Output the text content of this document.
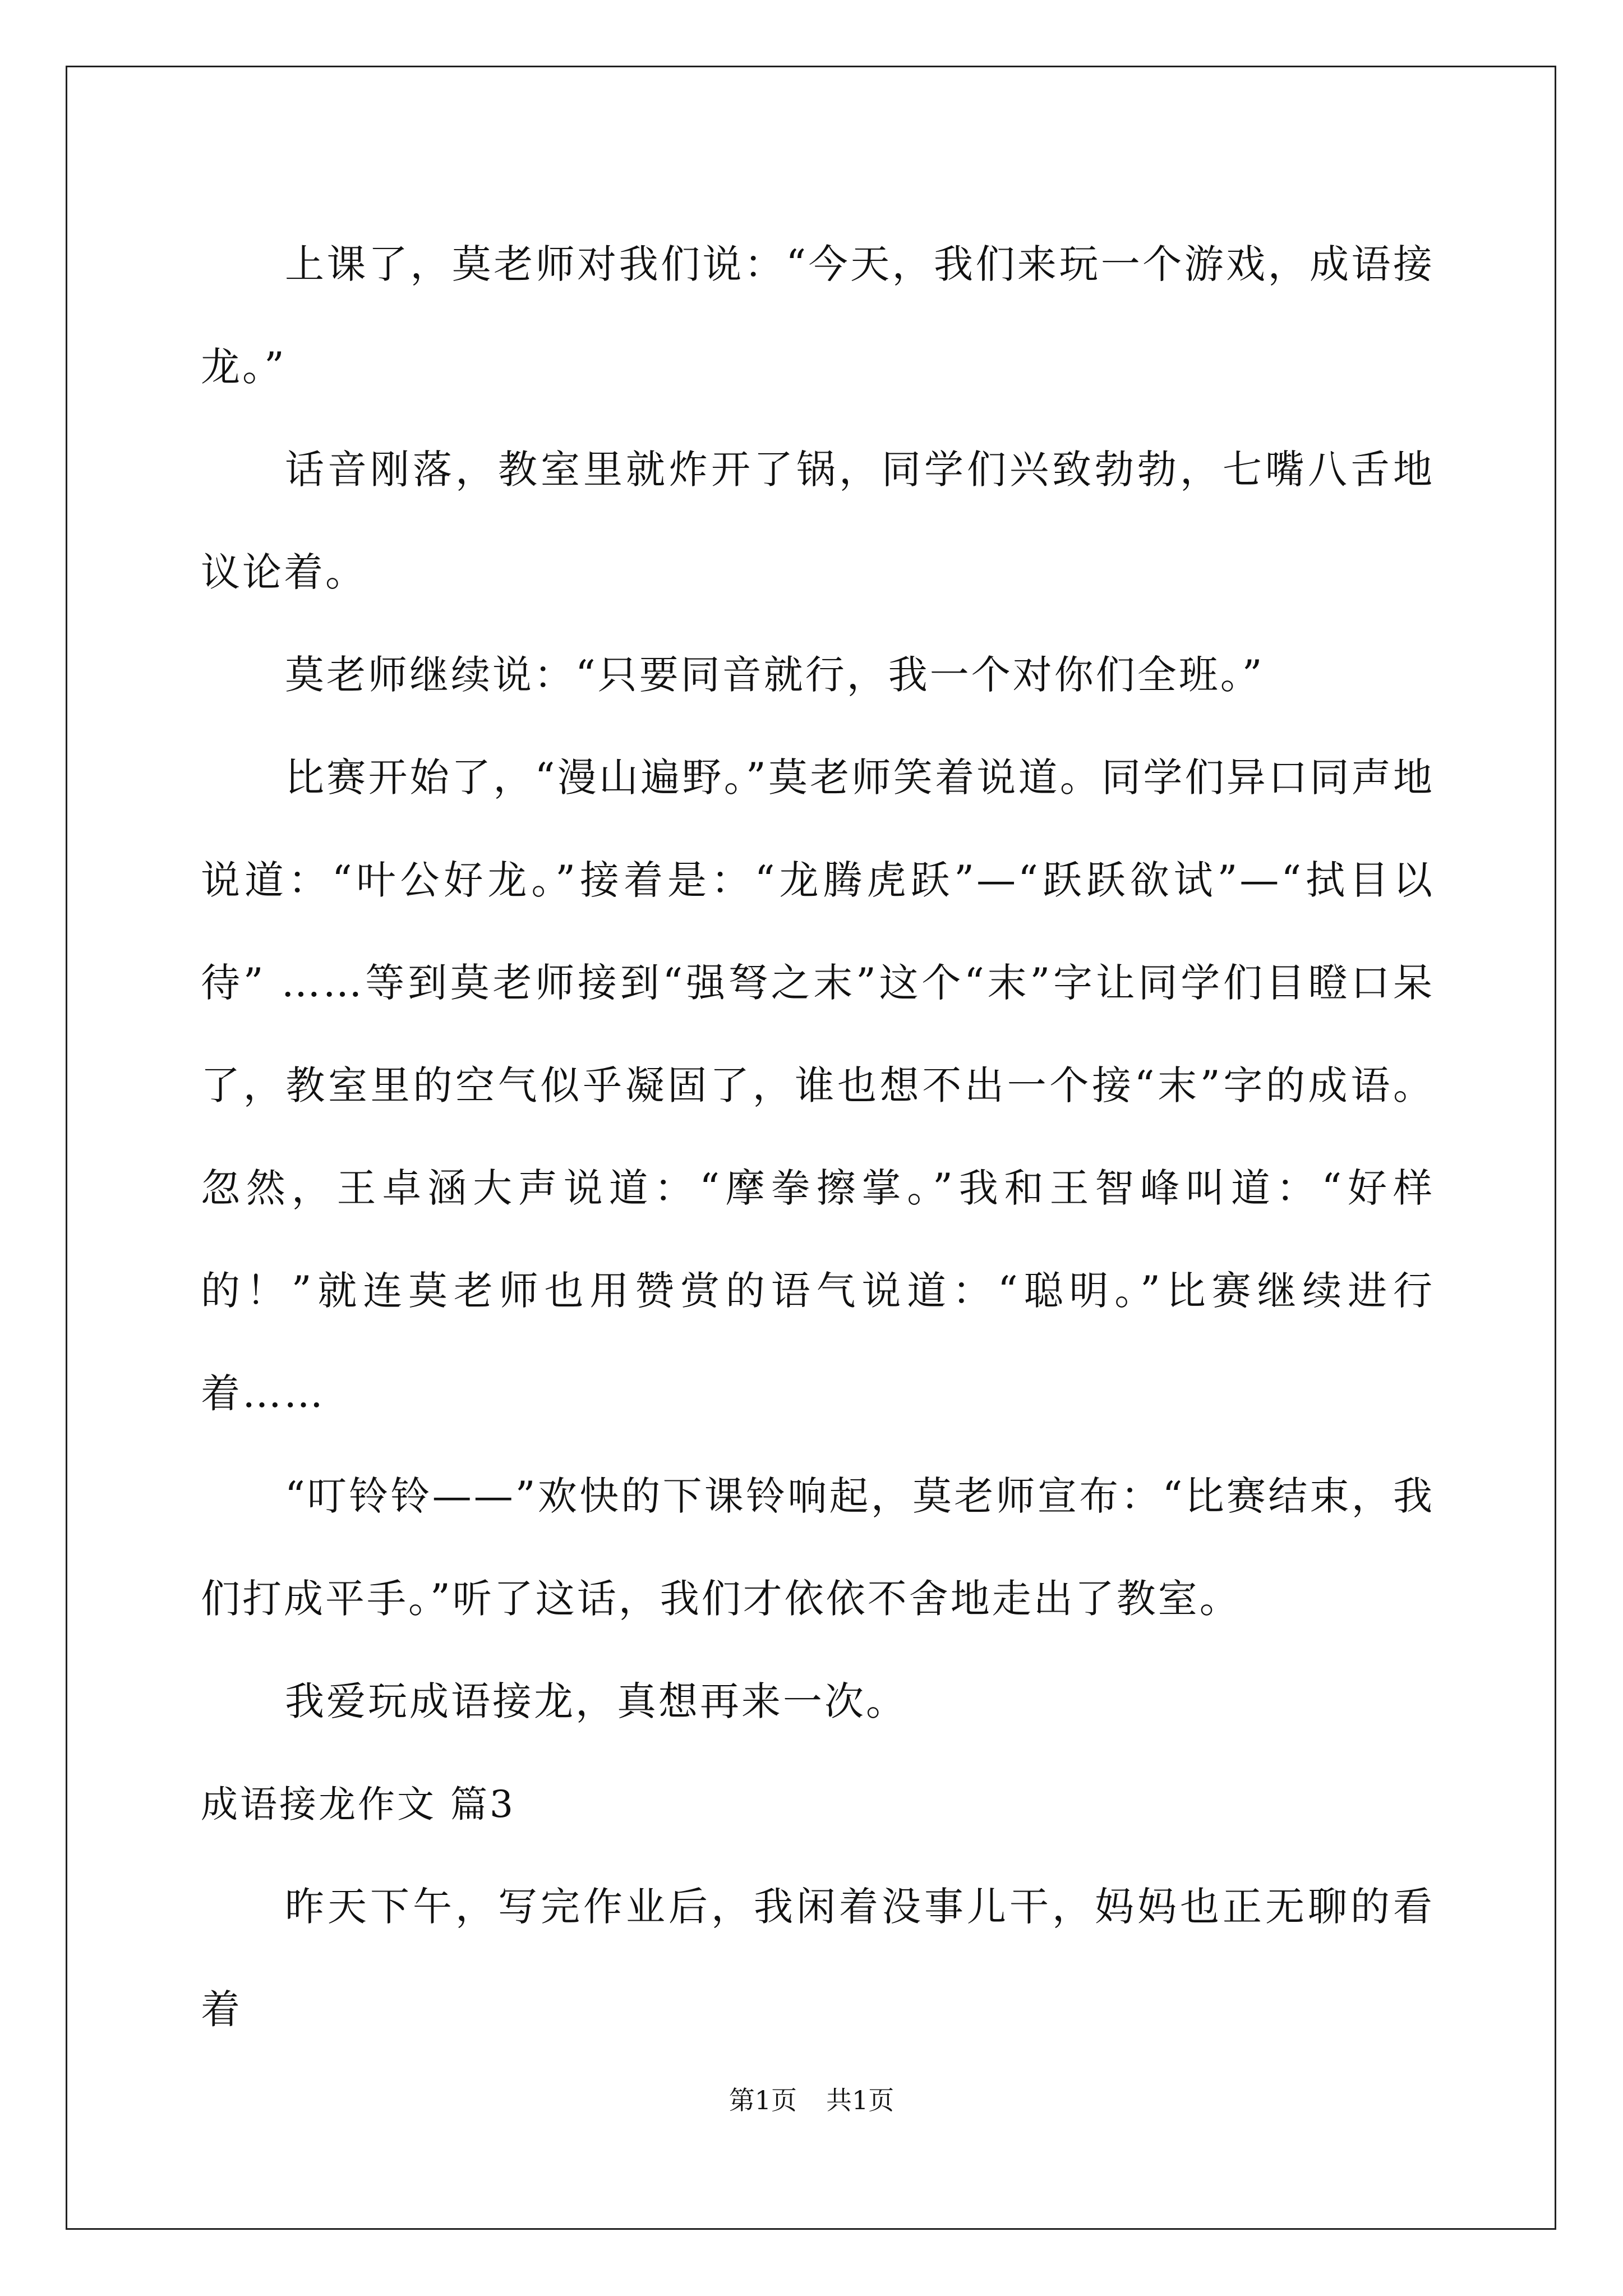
上课了，莫老师对我们说：“今天，我们来玩一个游戏，成语接龙。”

话音刚落，教室里就炸开了锅，同学们兴致勃勃，七嘴八舌地议论着。

莫老师继续说：“只要同音就行，我一个对你们全班。”

比赛开始了，“漫山遍野。”莫老师笑着说道。同学们异口同声地说道：“叶公好龙。”接着是：“龙腾虎跃”—“跃跃欲试”—“拭目以待” ……等到莫老师接到“强弩之末”这个“末”字让同学们目瞪口呆了，教室里的空气似乎凝固了，谁也想不出一个接“末”字的成语。忽然，王卓涵大声说道：“摩拳擦掌。”我和王智峰叫道：“好样的！”就连莫老师也用赞赏的语气说道：“聪明。”比赛继续进行着……

“叮铃铃——”欢快的下课铃响起，莫老师宣布：“比赛结束，我们打成平手。”听了这话，我们才依依不舍地走出了教室。

我爱玩成语接龙，真想再来一次。

成语接龙作文 篇3

昨天下午，写完作业后，我闲着没事儿干，妈妈也正无聊的看着

第1页 共1页
